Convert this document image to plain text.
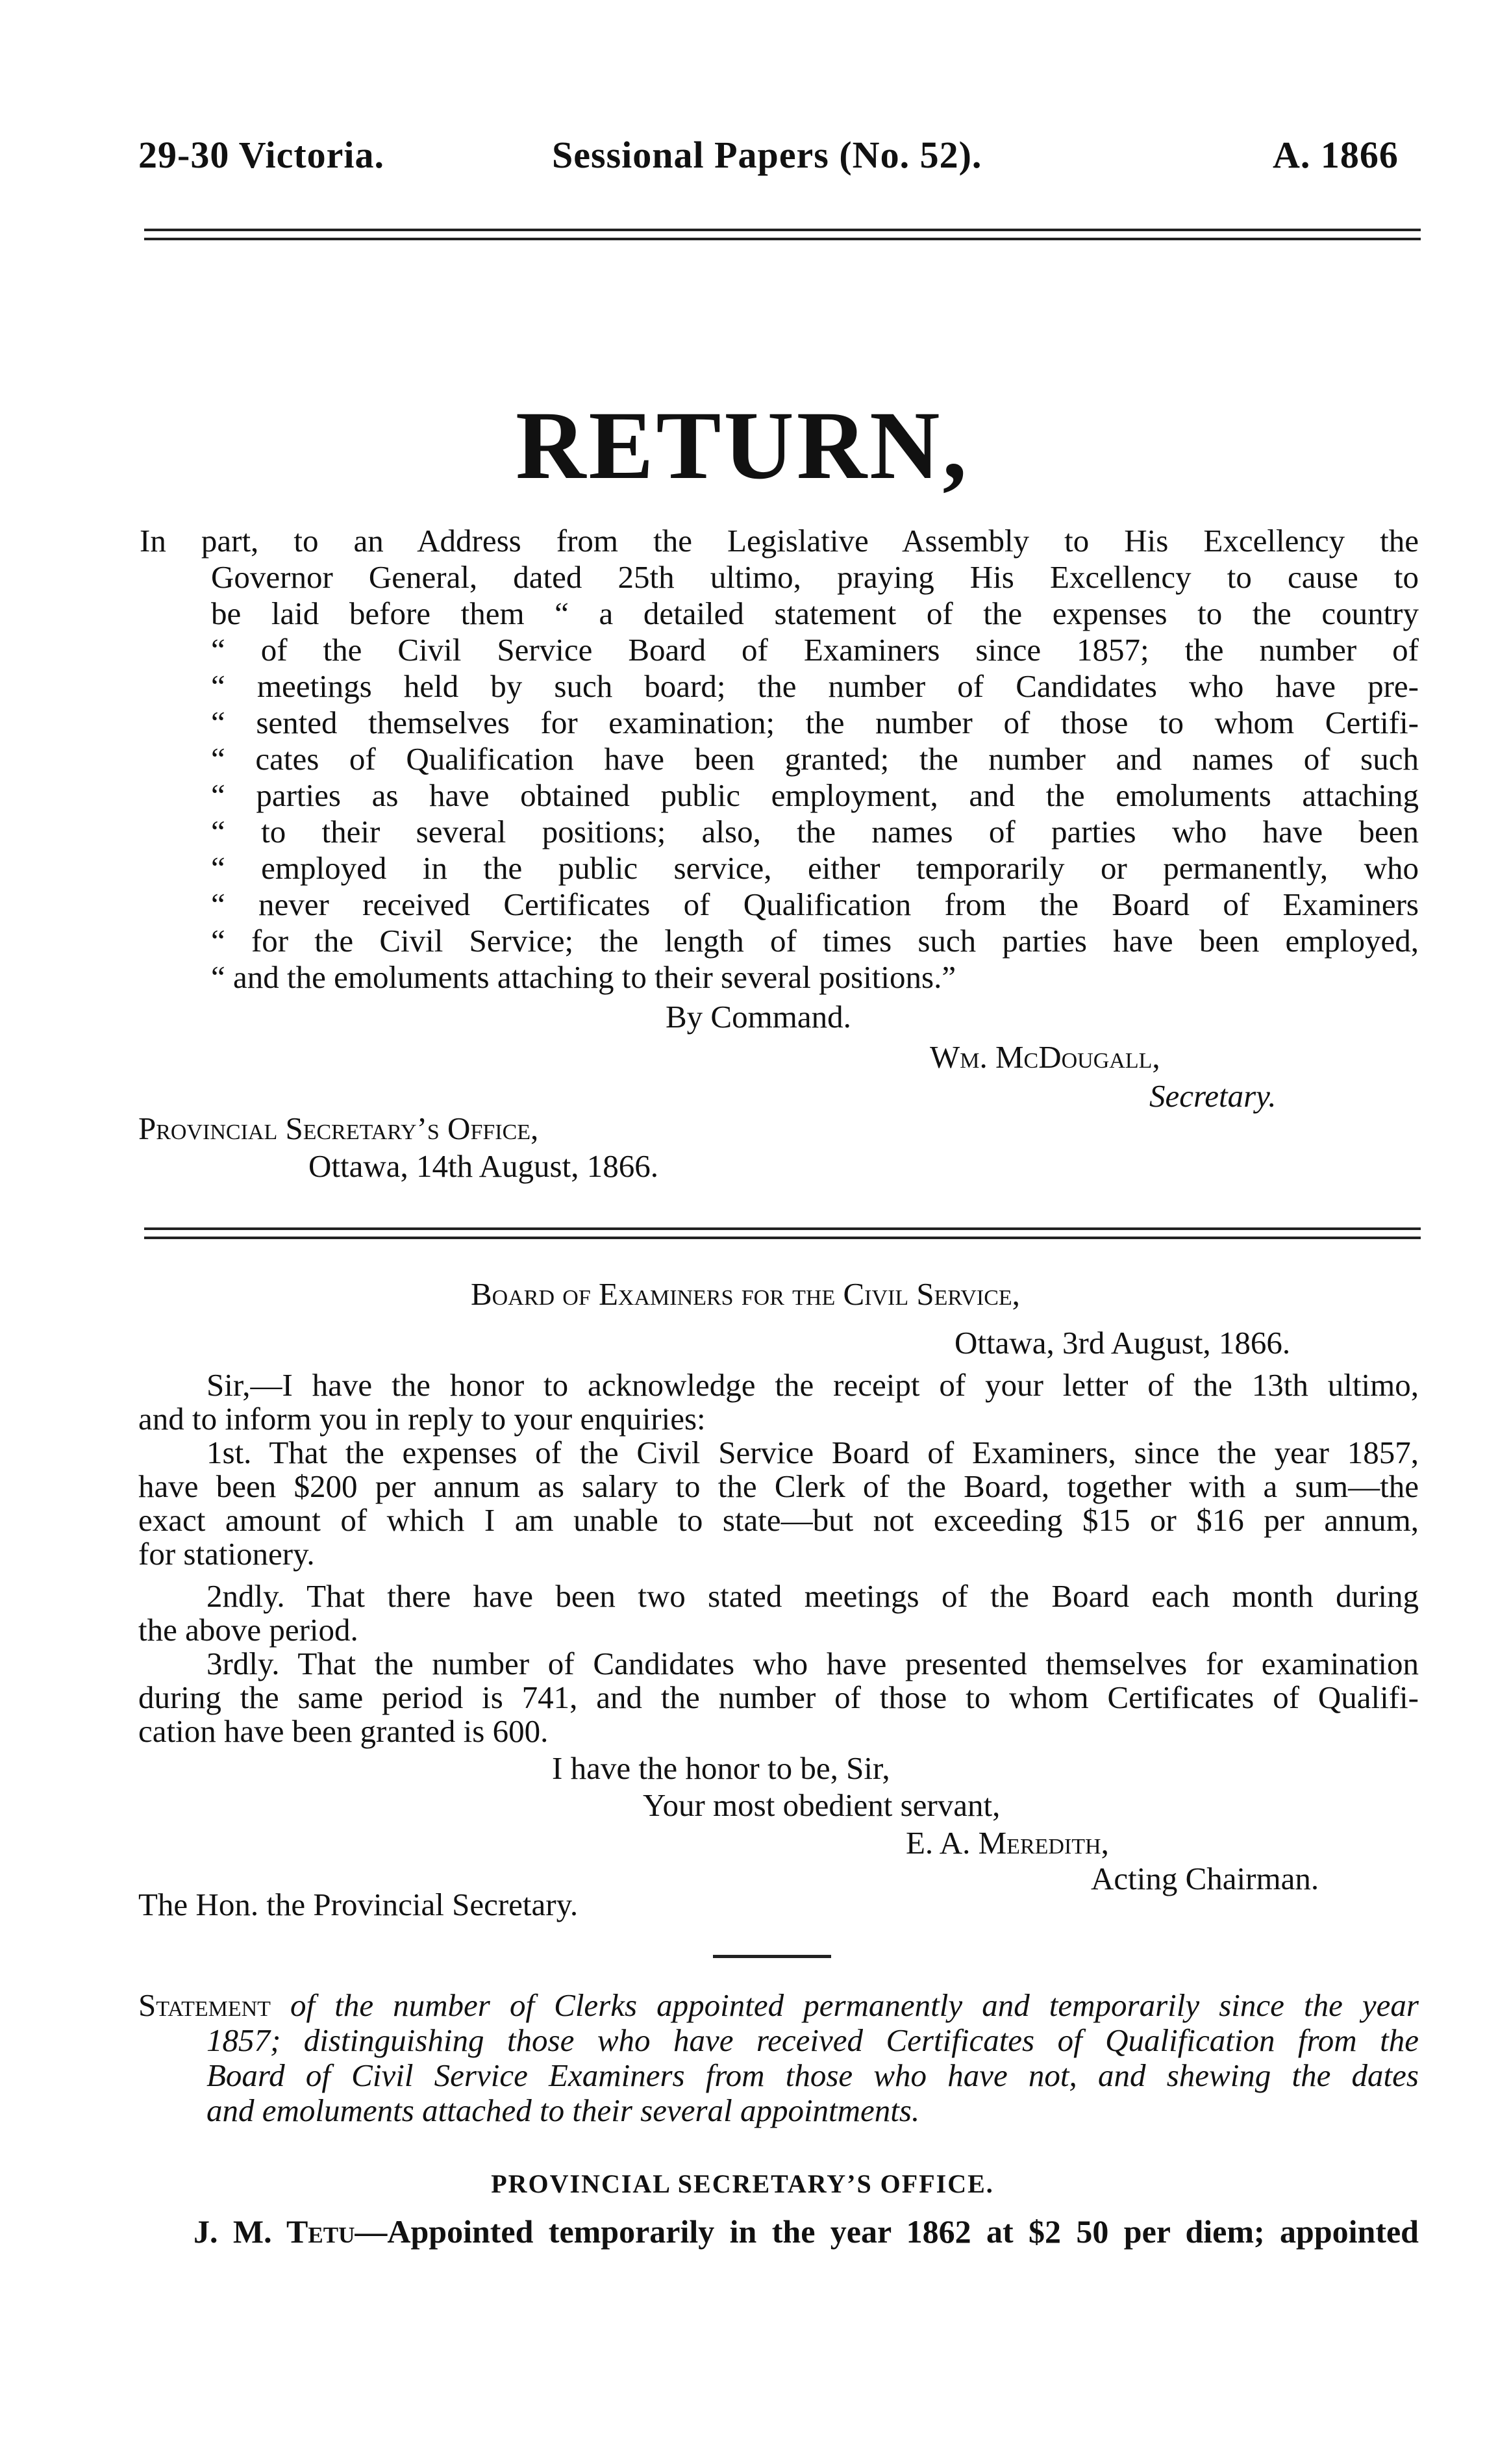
29-30 Victoria.	Sessional Papers (No. 52).	A. 1866
RETURN,
In part, to an Address from the Legislative Assembly to His Excellency the
Governor General, dated 25th ultimo, praying His Excellency to cause to
be laid before them “ a detailed statement of the expenses to the country
“ of the Civil Service Board of Examiners since 1857; the number of
“ meetings held by such board; the number of Candidates who have pre-
“ sented themselves for examination; the number of those to whom Certifi-
“ cates of Qualification have been granted; the number and names of such
“ parties as have obtained public employment, and the emoluments attaching
“ to their several positions; also, the names of parties who have been
“ employed in the public service, either temporarily or permanently, who
“ never received Certificates of Qualification from the Board of Examiners
“ for the Civil Service; the length of times such parties have been employed,
“ and the emoluments attaching to their several positions.”
By Command.
Wm. McDougall,
Secretary.
Provincial Secretary’s Office,
Ottawa, 14th August, 1866.
Board of Examiners for the Civil Service,
Ottawa, 3rd August, 1866.
Sir,—I have the honor to acknowledge the receipt of your letter of the 13th ultimo,
and to inform you in reply to your enquiries:
1st. That the expenses of the Civil Service Board of Examiners, since the year 1857,
have been $200 per annum as salary to the Clerk of the Board, together with a sum—the
exact amount of which I am unable to state—but not exceeding $15 or $16 per annum,
for stationery.
2ndly. That there have been two stated meetings of the Board each month during
the above period.
3rdly. That the number of Candidates who have presented themselves for examination
during the same period is 741, and the number of those to whom Certificates of Qualifi-
cation have been granted is 600.
I have the honor to be, Sir,
Your most obedient servant,
E. A. Meredith,
Acting Chairman.
The Hon. the Provincial Secretary.
Statement of the number of Clerks appointed permanently and temporarily since the year
1857; distinguishing those who have received Certificates of Qualification from the
Board of Civil Service Examiners from those who have not, and shewing the dates
and emoluments attached to their several appointments.
PROVINCIAL SECRETARY’S OFFICE.
J. M. Tetu—Appointed temporarily in the year 1862 at $2 50 per diem; appointed
